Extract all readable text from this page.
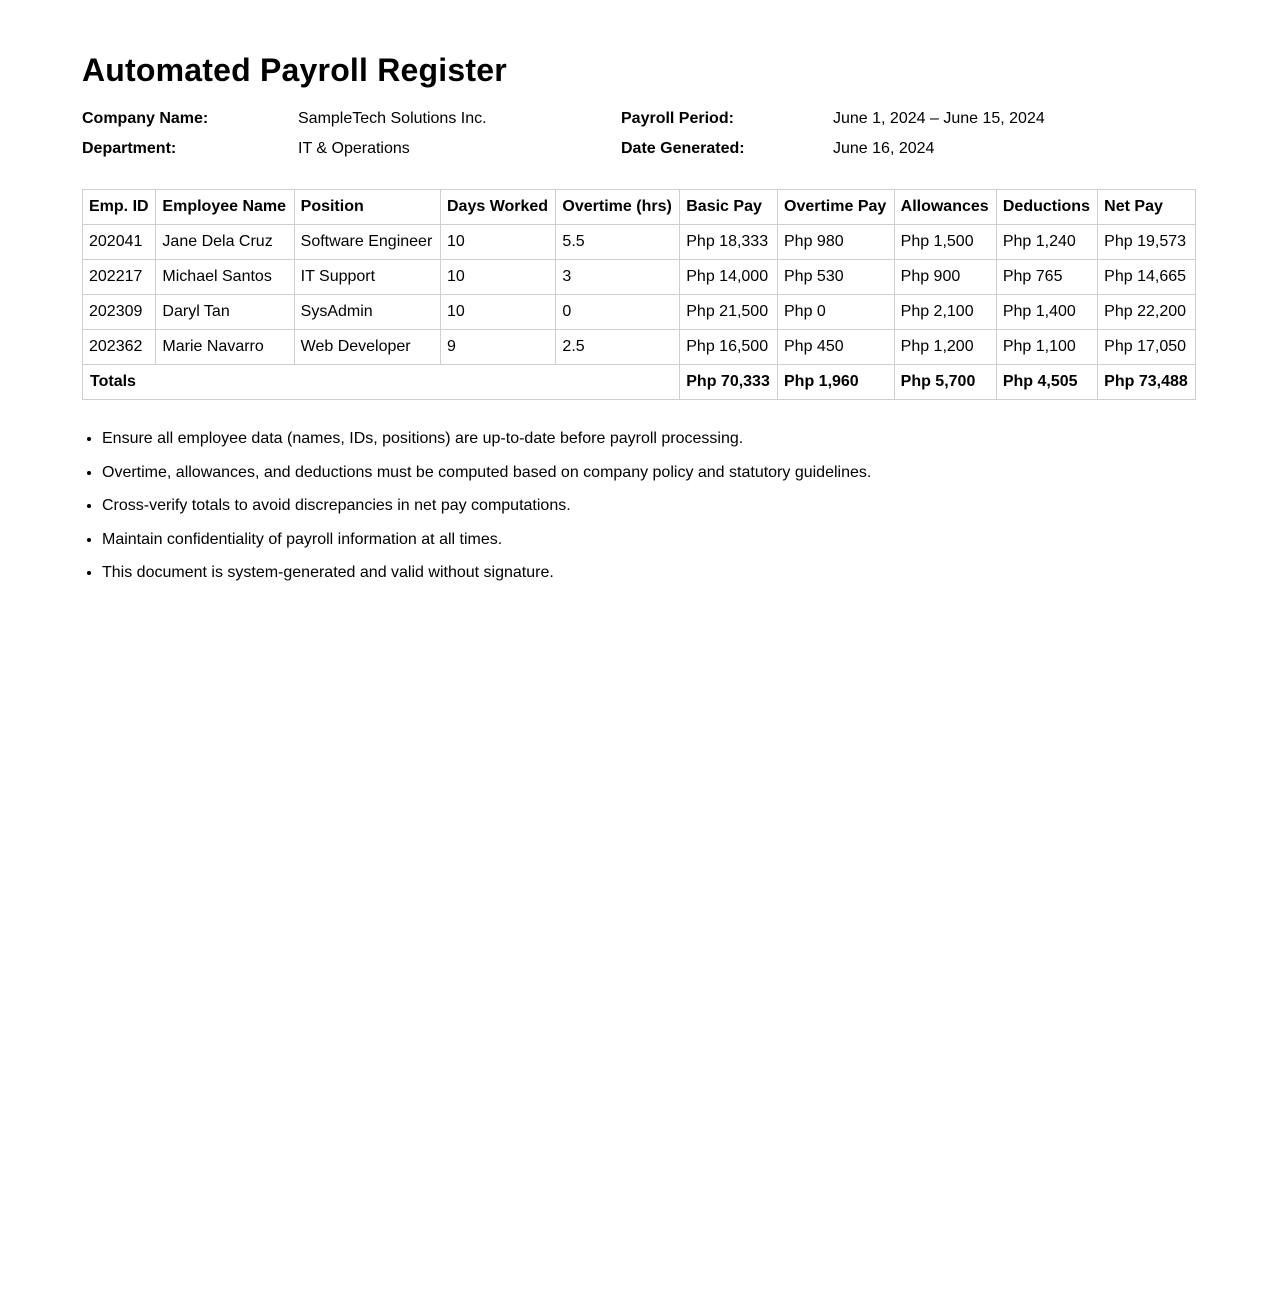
Automated Payroll Register
Company Name:	SampleTech Solutions Inc.	Payroll Period:	June 1, 2024 – June 15, 2024
Department:	IT & Operations	Date Generated:	June 16, 2024
Emp. ID	Employee Name	Position	Days Worked	Overtime (hrs)	Basic Pay	Overtime Pay	Allowances	Deductions	Net Pay
202041	Jane Dela Cruz	Software Engineer	10	5.5	Php 18,333	Php 980	Php 1,500	Php 1,240	Php 19,573
202217	Michael Santos	IT Support	10	3	Php 14,000	Php 530	Php 900	Php 765	Php 14,665
202309	Daryl Tan	SysAdmin	10	0	Php 21,500	Php 0	Php 2,100	Php 1,400	Php 22,200
202362	Marie Navarro	Web Developer	9	2.5	Php 16,500	Php 450	Php 1,200	Php 1,100	Php 17,050
Totals					Php 70,333	Php 1,960	Php 5,700	Php 4,505	Php 73,488
• Ensure all employee data (names, IDs, positions) are up-to-date before payroll processing.
• Overtime, allowances, and deductions must be computed based on company policy and statutory guidelines.
• Cross-verify totals to avoid discrepancies in net pay computations.
• Maintain confidentiality of payroll information at all times.
• This document is system-generated and valid without signature.
